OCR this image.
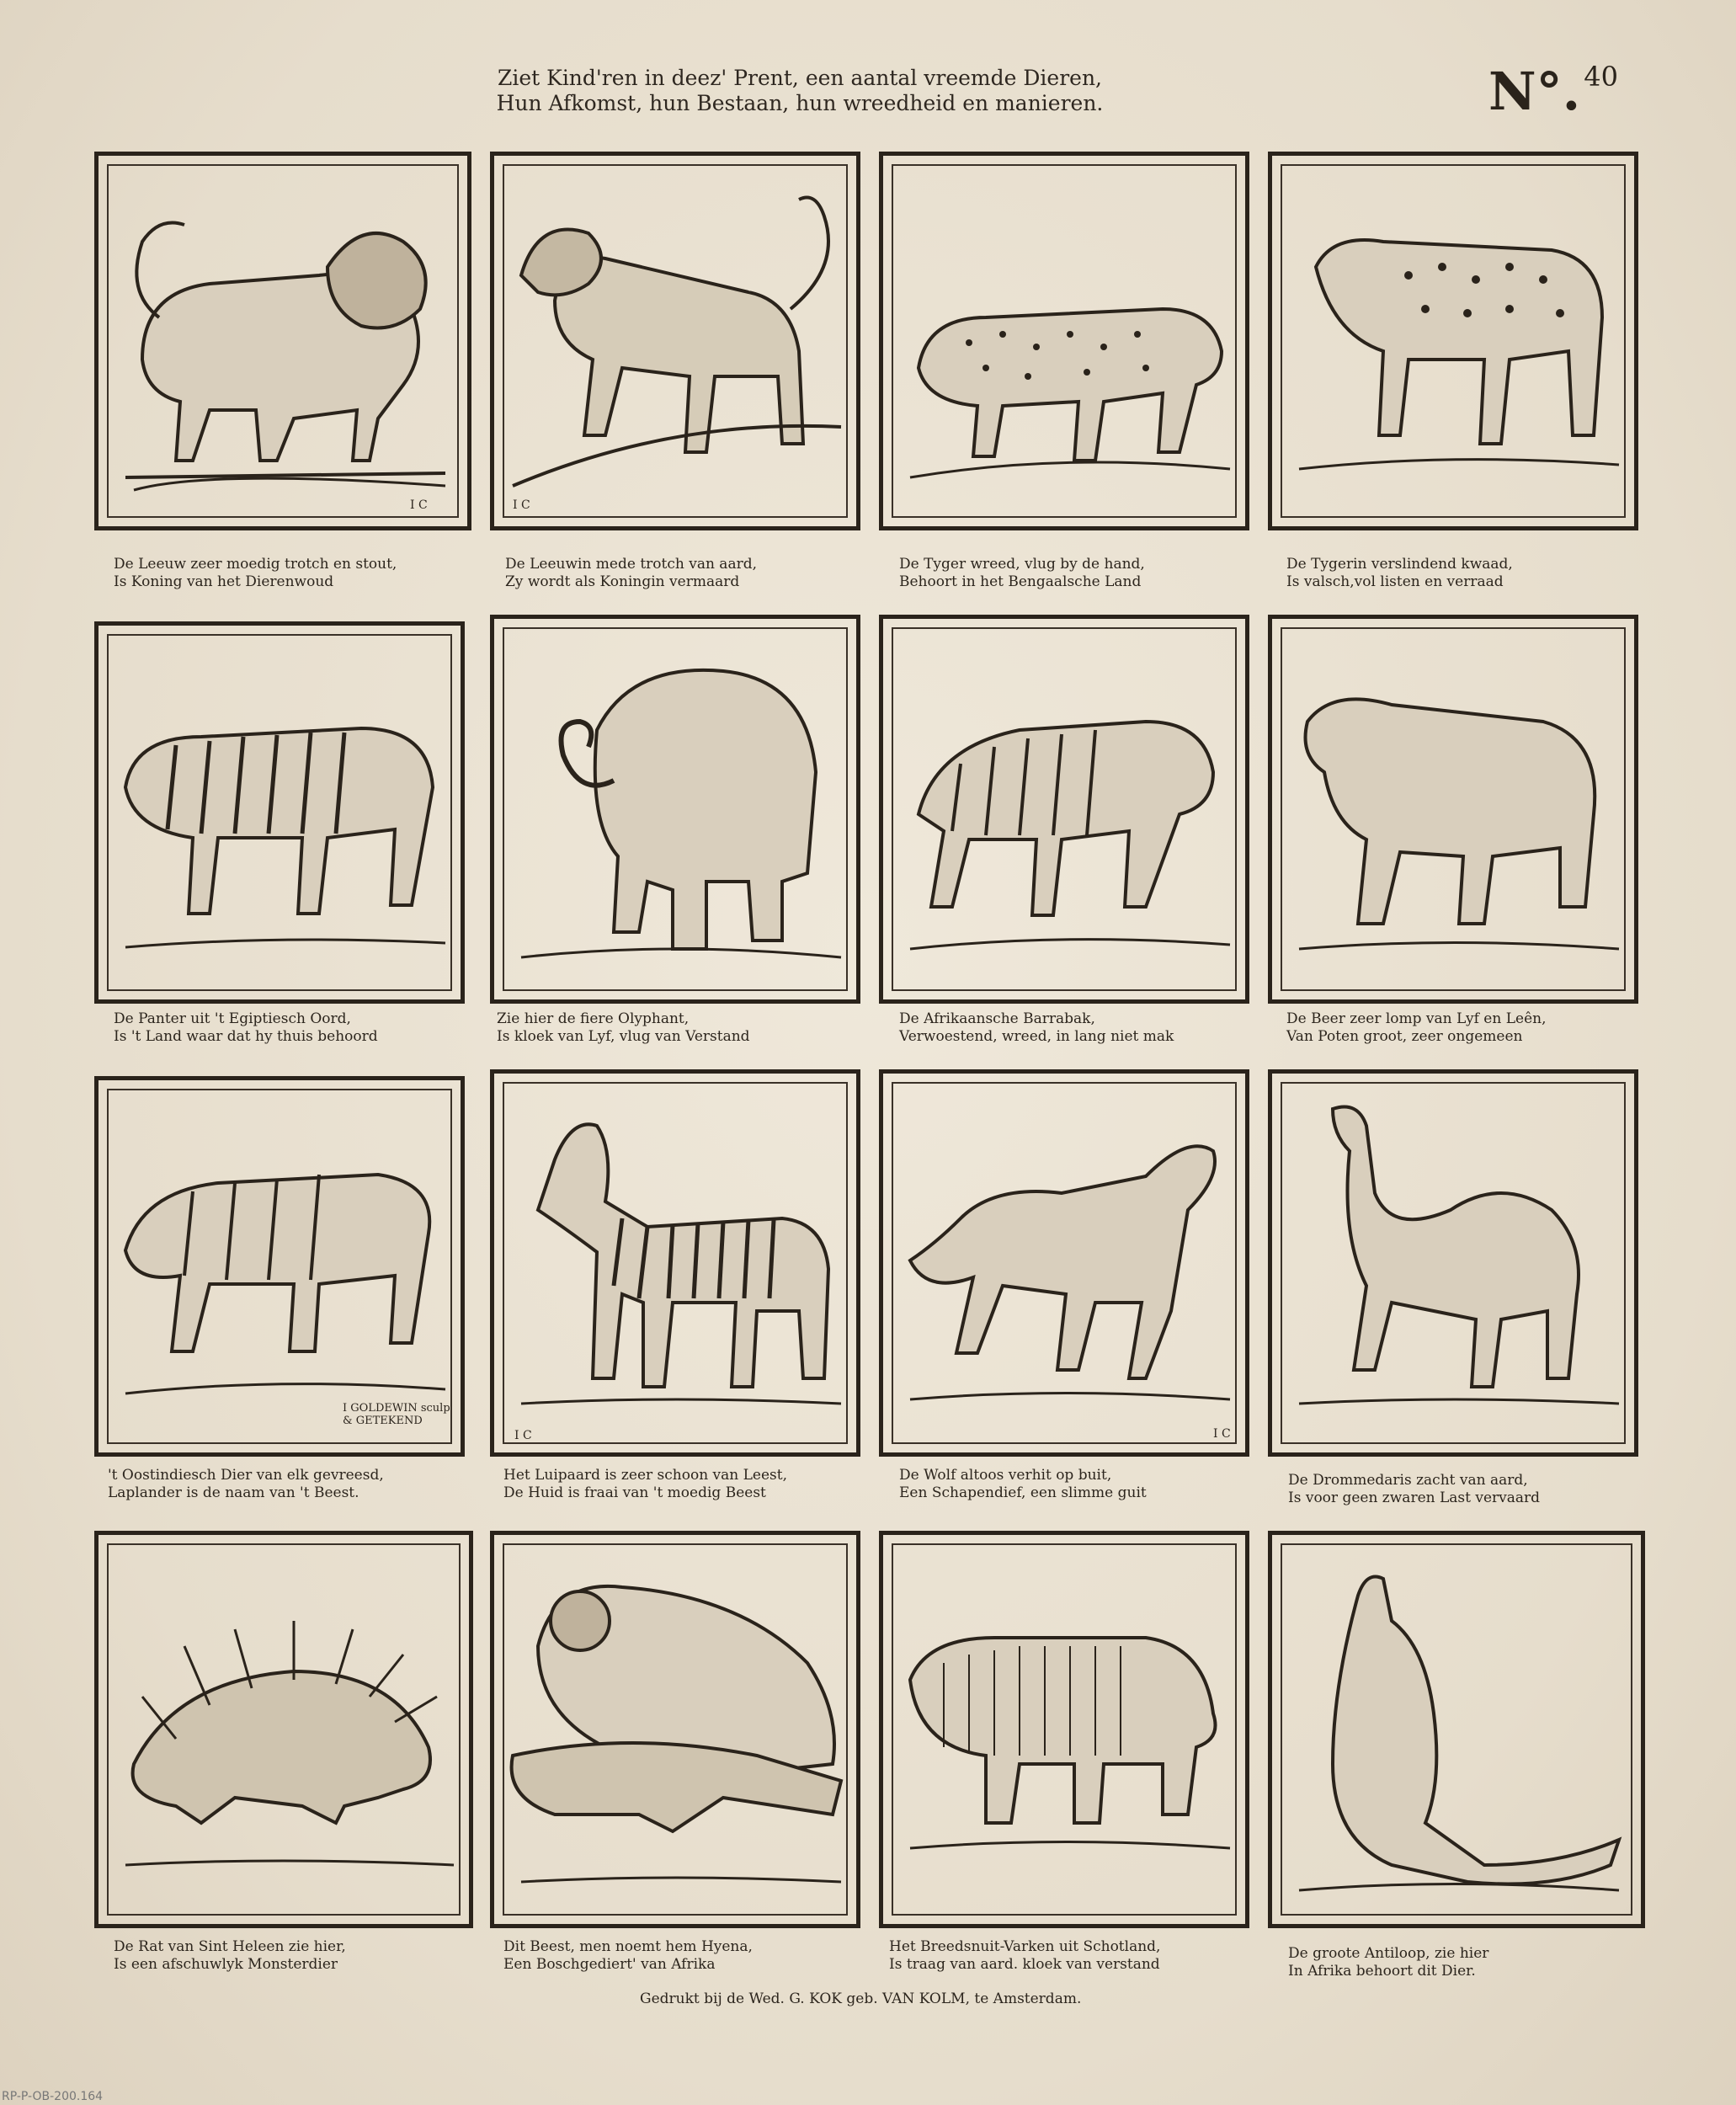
Ziet Kind'ren in deez' Prent, een aantal vreemde Dieren,
Hun Afkomst, hun Bestaan, hun wreedheid en manieren.	N°. $^{40}$
I C	I C
De Leeuw zeer moedig trotch en stout,
Is Koning van het Dierenwoud
De Leeuwin mede trotch van aard,
Zy wordt als Koningin vermaard
De Tyger wreed, vlug by de hand,
Behoort in het Bengaalsche Land
De Tygerin verslindend kwaad,
Is valsch,vol listen en verraad
De Panter uit 't Egiptiesch Oord,
Is 't Land waar dat hy thuis behoord
Zie hier de fiere Olyphant,
Is kloek van Lyf, vlug van Verstand
De Afrikaansche Barrabak,
Verwoestend, wreed, in lang niet mak
De Beer zeer lomp van Lyf en Leên,
Van Poten groot, zeer ongemeen
I GOLDEWIN sculp & GETEKEND
I C	I C
't Oostindiesch Dier van elk gevreesd,
Laplander is de naam van 't Beest.
Het Luipaard is zeer schoon van Leest,
De Huid is fraai van 't moedig Beest
De Wolf altoos verhit op buit,
Een Schapendief, een slimme guit
De Drommedaris zacht van aard,
Is voor geen zwaren Last vervaard
De Rat van Sint Heleen zie hier,
Is een afschuwlyk Monsterdier
Dit Beest, men noemt hem Hyena,
Een Boschgediert' van Afrika
Het Breedsnuit-Varken uit Schotland,
Is traag van aard. kloek van verstand
De groote Antiloop, zie hier
In Afrika behoort dit Dier.
Gedrukt bij de Wed. G. KOK geb. VAN KOLM, te Amsterdam.
RP-P-OB-200.164
